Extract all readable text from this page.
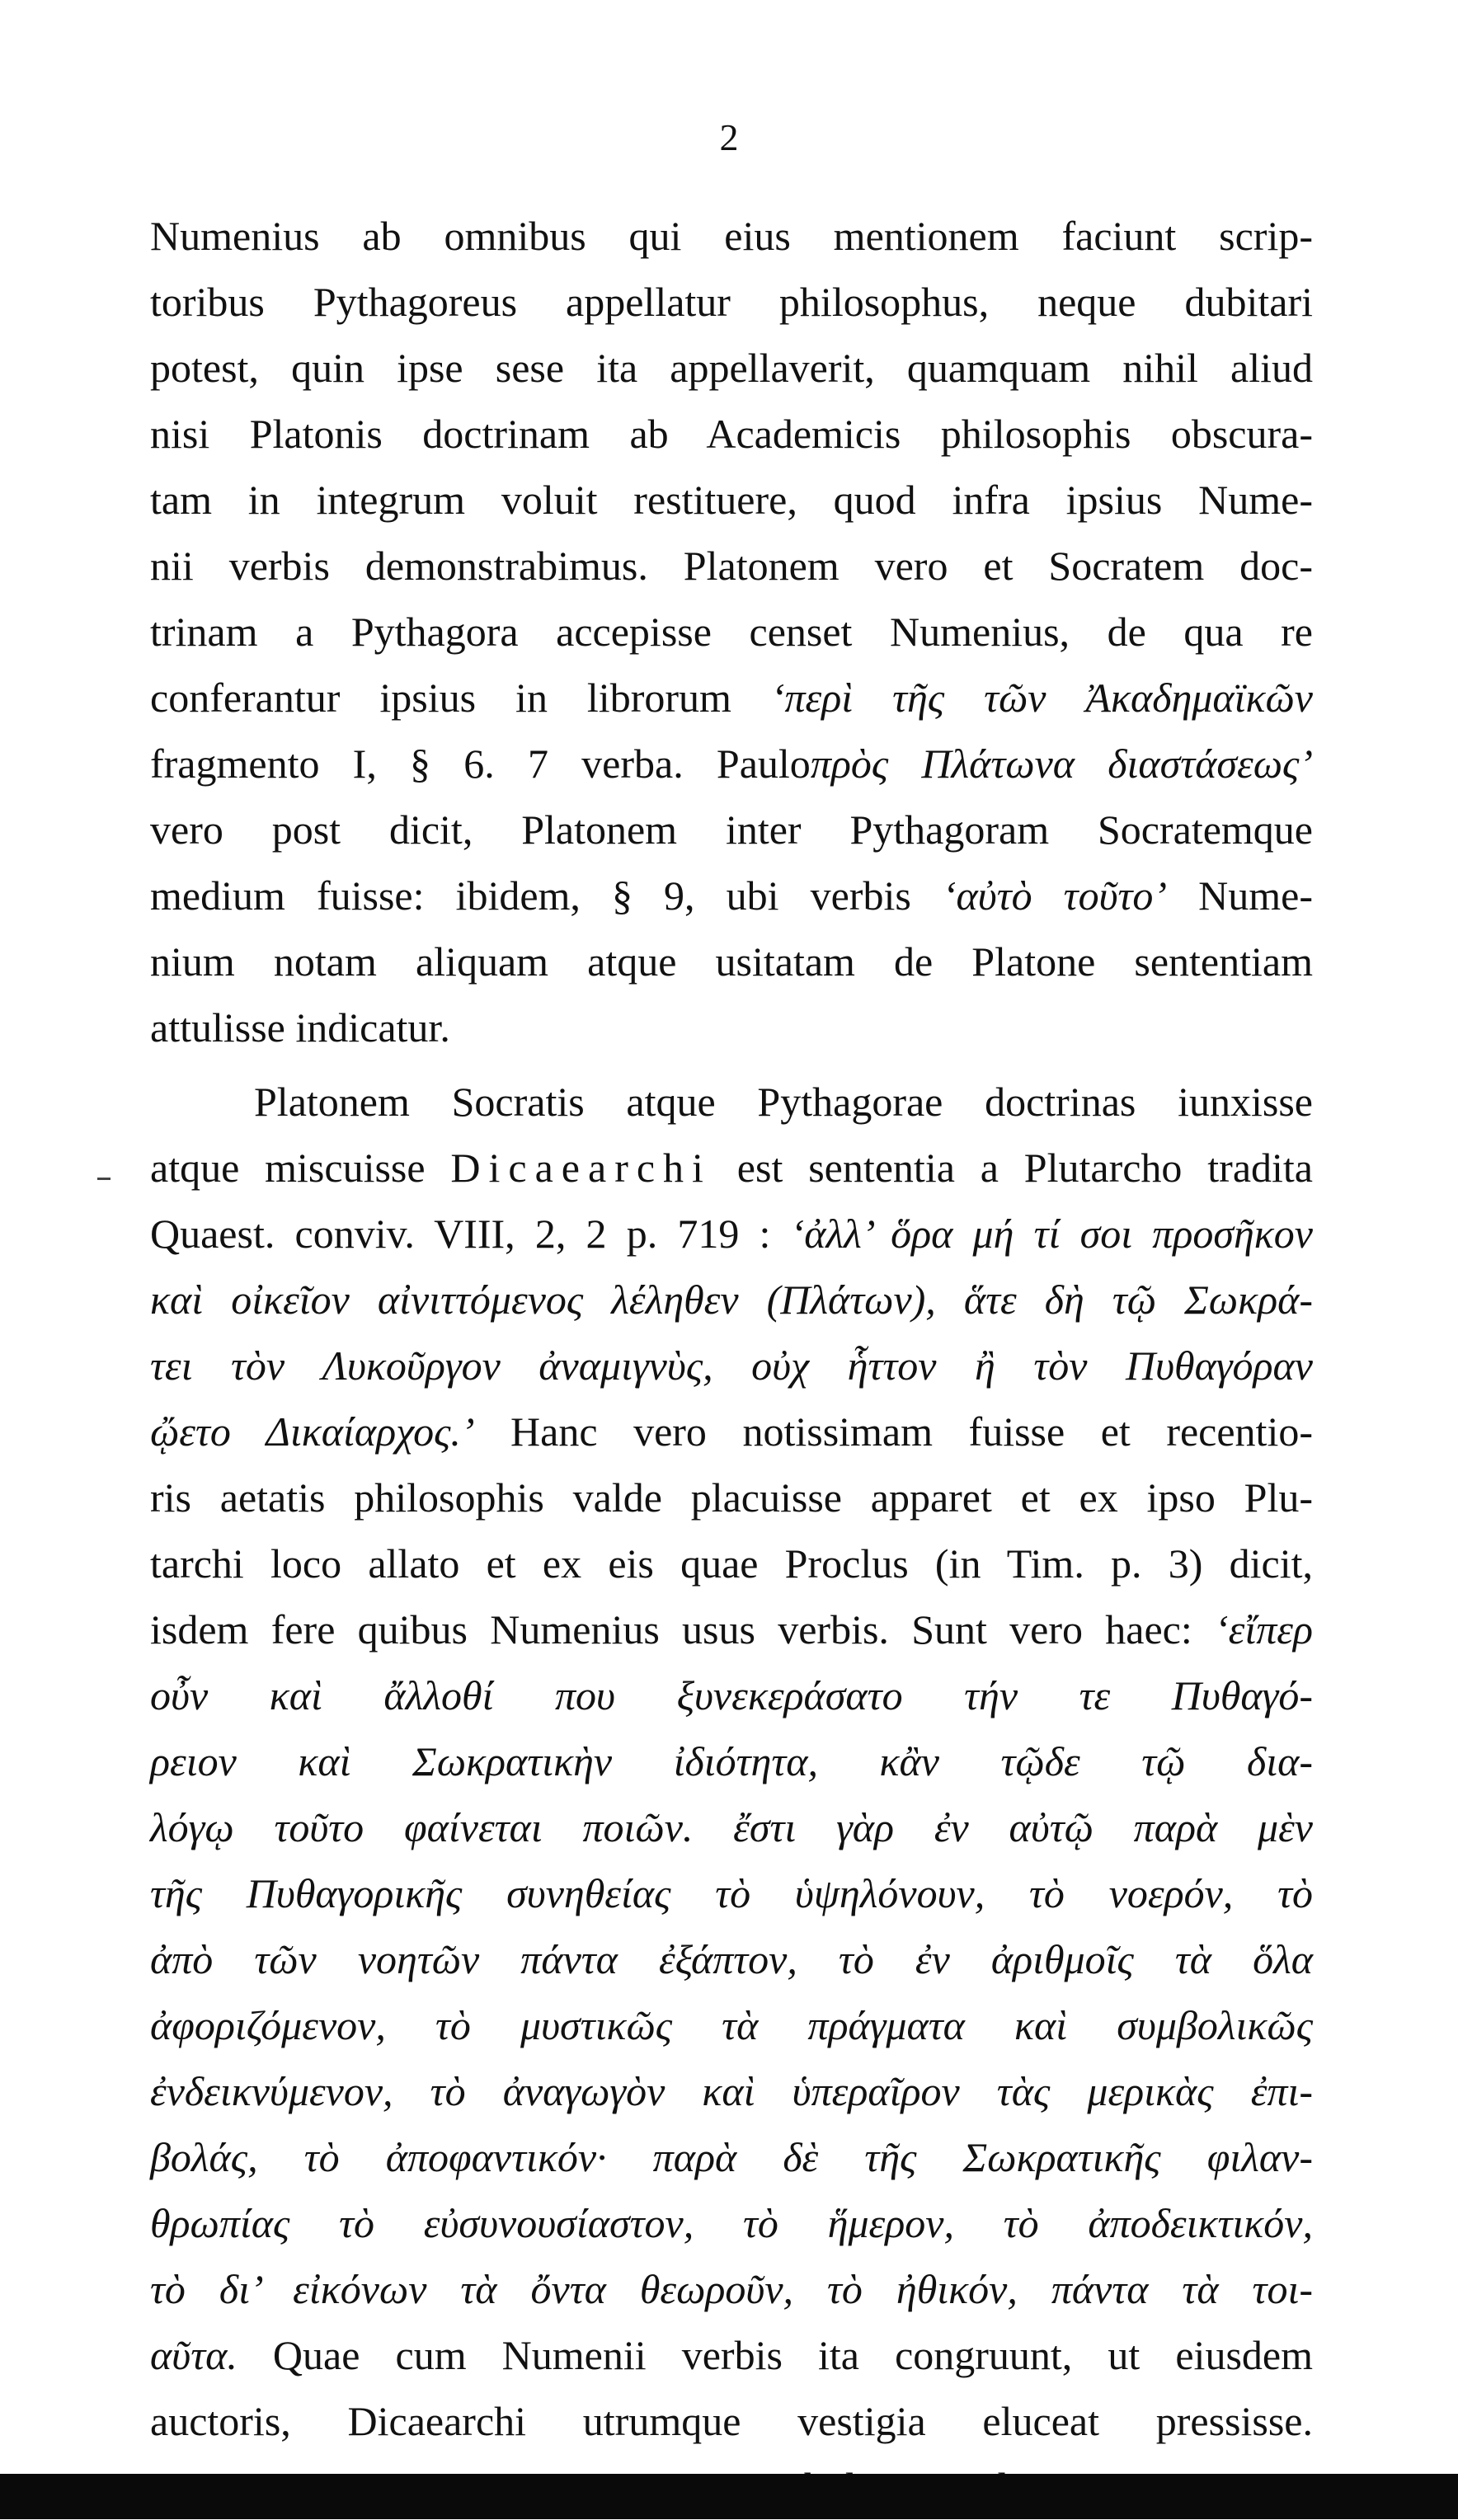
2
Numenius ab omnibus qui eius mentionem faciunt scrip-
toribus Pythagoreus appellatur philosophus, neque dubitari
potest, quin ipse sese ita appellaverit, quamquam nihil aliud
nisi Platonis doctrinam ab Academicis philosophis obscura-
tam in integrum voluit restituere, quod infra ipsius Nume-
nii verbis demonstrabimus. Platonem vero et Socratem doc-
trinam a Pythagora accepisse censet Numenius, de qua re
conferantur ipsius in librorum ‘περὶ τῆς τῶν Ἀκαδημαϊκῶν
fragmento I, § 6. 7 verba. Pauloπρὸς Πλάτωνα διαστάσεως’
vero post dicit, Platonem inter Pythagoram Socratemque
medium fuisse: ibidem, § 9, ubi verbis ‘αὐτὸ τοῦτο’ Nume-
nium notam aliquam atque usitatam de Platone sententiam
attulisse indicatur.
Platonem Socratis atque Pythagorae doctrinas iunxisse
atque miscuisse Dicaearchi est sententia a Plutarcho tradita
Quaest. conviv. VIII, 2, 2 p. 719 : ‘ἀλλ’ ὅρα μή τί σοι προσῆκον
καὶ οἰκεῖον αἰνιττόμενος λέληθεν (Πλάτων), ἅτε δὴ τῷ Σωκρά-
τει τὸν Λυκοῦργον ἀναμιγνὺς, οὐχ ἧττον ἢ τὸν Πυθαγόραν
ᾤετο Δικαίαρχος.’ Hanc vero notissimam fuisse et recentio-
ris aetatis philosophis valde placuisse apparet et ex ipso Plu-
tarchi loco allato et ex eis quae Proclus (in Tim. p. 3) dicit,
isdem fere quibus Numenius usus verbis. Sunt vero haec: ‘εἴπερ
οὖν καὶ ἄλλοθί που ξυνεκεράσατο τήν τε Πυθαγό-
ρειον καὶ Σωκρατικὴν ἰδιότητα, κἂν τῷδε τῷ δια-
λόγῳ τοῦτο φαίνεται ποιῶν. ἔστι γὰρ ἐν αὐτῷ παρὰ μὲν
τῆς Πυθαγορικῆς συνηθείας τὸ ὑψηλόνουν, τὸ νοερόν, τὸ
ἀπὸ τῶν νοητῶν πάντα ἐξάπτον, τὸ ἐν ἀριθμοῖς τὰ ὅλα
ἀφοριζόμενον, τὸ μυστικῶς τὰ πράγματα καὶ συμβολικῶς
ἐνδεικνύμενον, τὸ ἀναγωγὸν καὶ ὑπεραῖρον τὰς μερικὰς ἐπι-
βολάς, τὸ ἀποφαντικόν· παρὰ δὲ τῆς Σωκρατικῆς φιλαν-
θρωπίας τὸ εὐσυνουσίαστον, τὸ ἥμερον, τὸ ἀποδεικτικόν,
τὸ δι’ εἰκόνων τὰ ὄντα θεωροῦν, τὸ ἠθικόν, πάντα τὰ τοι-
αῦτα. Quae cum Numenii verbis ita congruunt, ut eiusdem
auctoris, Dicaearchi utrumque vestigia eluceat pressisse.
